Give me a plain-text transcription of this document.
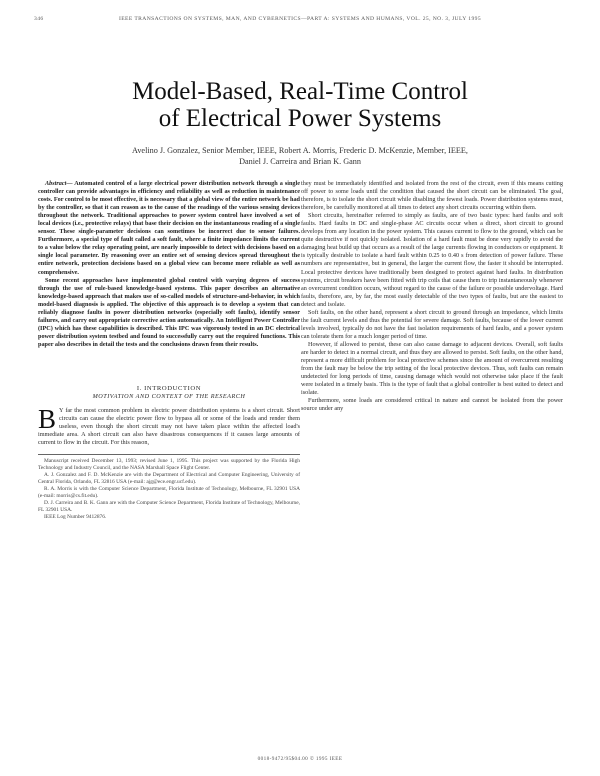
346	IEEE TRANSACTIONS ON SYSTEMS, MAN, AND CYBERNETICS—PART A: SYSTEMS AND HUMANS, VOL. 25, NO. 3, JULY 1995
Model-Based, Real-Time Control
of Electrical Power Systems
Avelino J. Gonzalez, Senior Member, IEEE, Robert A. Morris, Frederic D. McKenzie, Member, IEEE,
Daniel J. Carreira and Brian K. Gann

Abstract— Automated control of a large electrical power distribution network through a single controller can provide advantages in efficiency and reliability as well as reduction in maintenance costs. For control to be most effective, it is necessary that a global view of the entire network be had by the controller, so that it can reason as to the cause of the readings of the various sensing devices throughout the network. Traditional approaches to power system control have involved a set of local devices (i.e., protective relays) that base their decision on the instantaneous reading of a single sensor. These single-parameter decisions can sometimes be incorrect due to sensor failures. Furthermore, a special type of fault called a soft fault, where a finite impedance limits the current to a value below the relay operating point, are nearly impossible to detect with decisions based on a single local parameter. By reasoning over an entire set of sensing devices spread throughout the entire network, protection decisions based on a global view can become more reliable as well as comprehensive.

Some recent approaches have implemented global control with varying degrees of success through the use of rule-based knowledge-based systems. This paper describes an alternative knowledge-based approach that makes use of so-called models of structure-and-behavior, in which model-based diagnosis is applied. The objective of this approach is to develop a system that can reliably diagnose faults in power distribution networks (especially soft faults), identify sensor failures, and carry out appropriate corrective action automatically. An Intelligent Power Controller (IPC) which has these capabilities is described. This IPC was vigorously tested in an DC electrical power distribution system testbed and found to successfully carry out the required functions. This paper also describes in detail the tests and the conclusions drawn from their results.

I. INTRODUCTION
MOTIVATION AND CONTEXT OF THE RESEARCH

B Y far the most common problem in electric power distribution systems is a short circuit. Short circuits can cause the electric power flow to bypass all or some of the loads and render them useless, even though the short circuit may not have taken place within the affected load's immediate area. A short circuit can also have disastrous consequences if it causes large amounts of current to flow in the circuit. For this reason,

Manuscript received December 13, 1993; revised June 1, 1995. This project was supported by the Florida High Technology and Industry Council, and the NASA Marshall Space Flight Center.

A. J. Gonzalez and F. D. McKenzie are with the Department of Electrical and Computer Engineering, University of Central Florida, Orlando, FL 32816 USA (e-mail: ajg@ece.engr.ucf.edu).

R. A. Morris is with the Computer Science Department, Florida Institute of Technology, Melbourne, FL 32901 USA (e-mail: morris@cs.fit.edu).

D. J. Carreira and B. K. Gann are with the Computer Science Department, Florida Institute of Technology, Melbourne, FL 32901 USA.

IEEE Log Number 9412876.

they must be immediately identified and isolated from the rest of the circuit, even if this means cutting off power to some loads until the condition that caused the short circuit can be eliminated. The goal, therefore, is to isolate the short circuit while disabling the fewest loads. Power distribution systems must, therefore, be carefully monitored at all times to detect any short circuits occurring within them.

Short circuits, hereinafter referred to simply as faults, are of two basic types: hard faults and soft faults. Hard faults in DC and single-phase AC circuits occur when a direct, short circuit to ground develops from any location in the power system. This causes current to flow to the ground, which can be quite destructive if not quickly isolated. Isolation of a hard fault must be done very rapidly to avoid the damaging heat build up that occurs as a result of the large currents flowing in conductors or equipment. It is typically desirable to isolate a hard fault within 0.25 to 0.40 s from detection of power failure. These numbers are representative, but in general, the larger the current flow, the faster it should be interrupted. Local protective devices have traditionally been designed to protect against hard faults. In distribution systems, circuit breakers have been fitted with trip coils that cause them to trip instantaneously whenever an overcurrent condition occurs, without regard to the cause of the failure or possible undervoltage. Hard faults, therefore, are, by far, the most easily detectable of the two types of faults, but are the easiest to detect and isolate.

Soft faults, on the other hand, represent a short circuit to ground through an impedance, which limits the fault current levels and thus the potential for severe damage. Soft faults, because of the lower current levels involved, typically do not have the fast isolation requirements of hard faults, and a power system can tolerate them for a much longer period of time.

However, if allowed to persist, these can also cause damage to adjacent devices. Overall, soft faults are harder to detect in a normal circuit, and thus they are allowed to persist. Soft faults, on the other hand, represent a more difficult problem for local protective schemes since the amount of overcurrent resulting from the fault may be below the trip setting of the local protective devices. Thus, soft faults can remain undetected for long periods of time, causing damage which would not otherwise take place if the fault were isolated in a timely basis. This is the type of fault that a global controller is best suited to detect and isolate.

Furthermore, some loads are considered critical in nature and cannot be isolated from the power source under any

0018-9472/95$04.00 © 1995 IEEE
